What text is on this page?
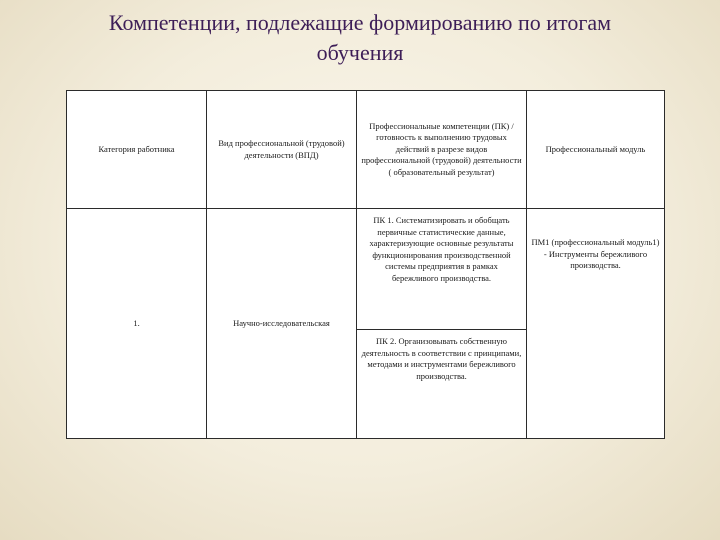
Компетенции, подлежащие формированию по итогам
обучения
Категория работника	Вид профессиональной (трудовой) деятельности (ВПД)	Профессиональные компетенции (ПК) / готовность к выполнению трудовых действий в разрезе видов профессиональной (трудовой) деятельности ( образовательный результат)	Профессиональный модуль
1.	Научно-исследовательская	ПК 1. Систематизировать и обобщать первичные статистические данные, характеризующие основные результаты функционирования производственной системы предприятия в рамках бережливого производства.	ПМ1 (профессиональный модуль1) - Инструменты бережливого производства.
		ПК 2. Организовывать собственную деятельность в соответствии с принципами, методами и инструментами бережливого производства.	
